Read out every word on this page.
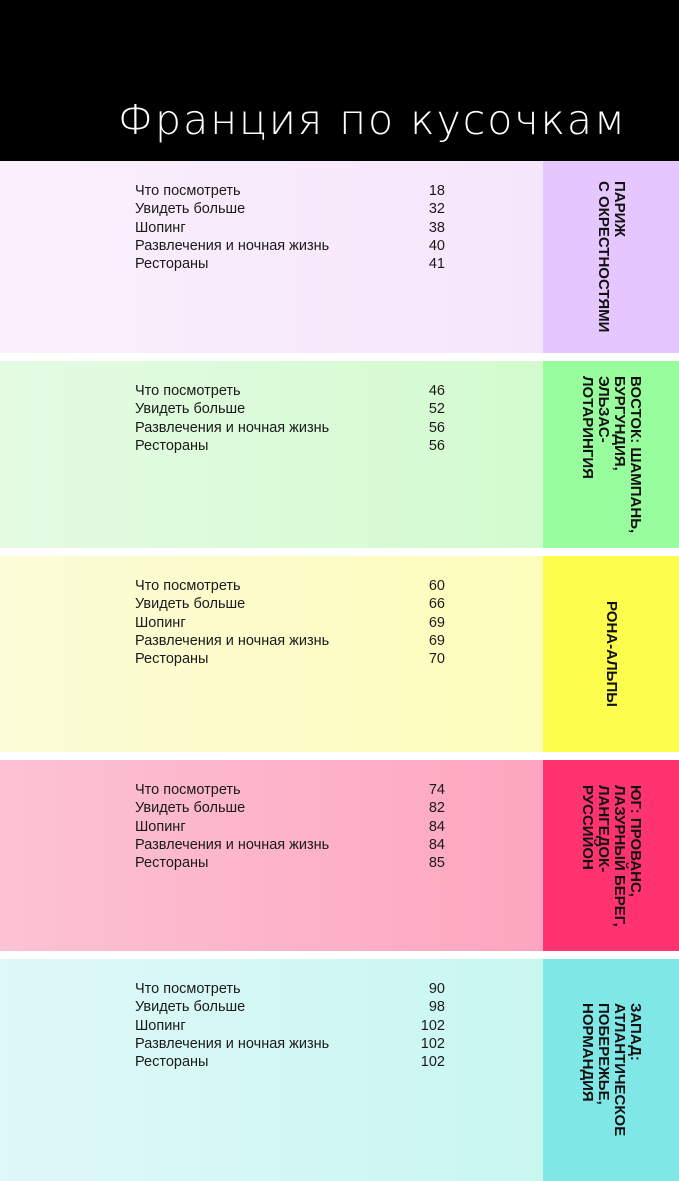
Франция по кусочкам
Что посмотреть	18
Увидеть больше	32
Шопинг	38
Развлечения и ночная жизнь	40
Рестораны	41
ПАРИЖ
С ОКРЕСТНОСТЯМИ
Что посмотреть	46
Увидеть больше	52
Развлечения и ночная жизнь	56
Рестораны	56
ВОСТОК: ШАМПАНЬ,
БУРГУНДИЯ,
ЭЛЬЗАС-
ЛОТАРИНГИЯ
Что посмотреть	60
Увидеть больше	66
Шопинг	69
Развлечения и ночная жизнь	69
Рестораны	70	РОНА-АЛЬПЫ
Что посмотреть	74
Увидеть больше	82
Шопинг	84
Развлечения и ночная жизнь	84
Рестораны	85
ЮГ: ПРОВАНС,
ЛАЗУРНЫЙ БЕРЕГ,
ЛАНГЕДОК-
РУССИЙОН
Что посмотреть	90
Увидеть больше	98
Шопинг	102
Развлечения и ночная жизнь	102
Рестораны	102
ЗАПАД:
АТЛАНТИЧЕСКОЕ
ПОБЕРЕЖЬЕ,
НОРМАНДИЯ
